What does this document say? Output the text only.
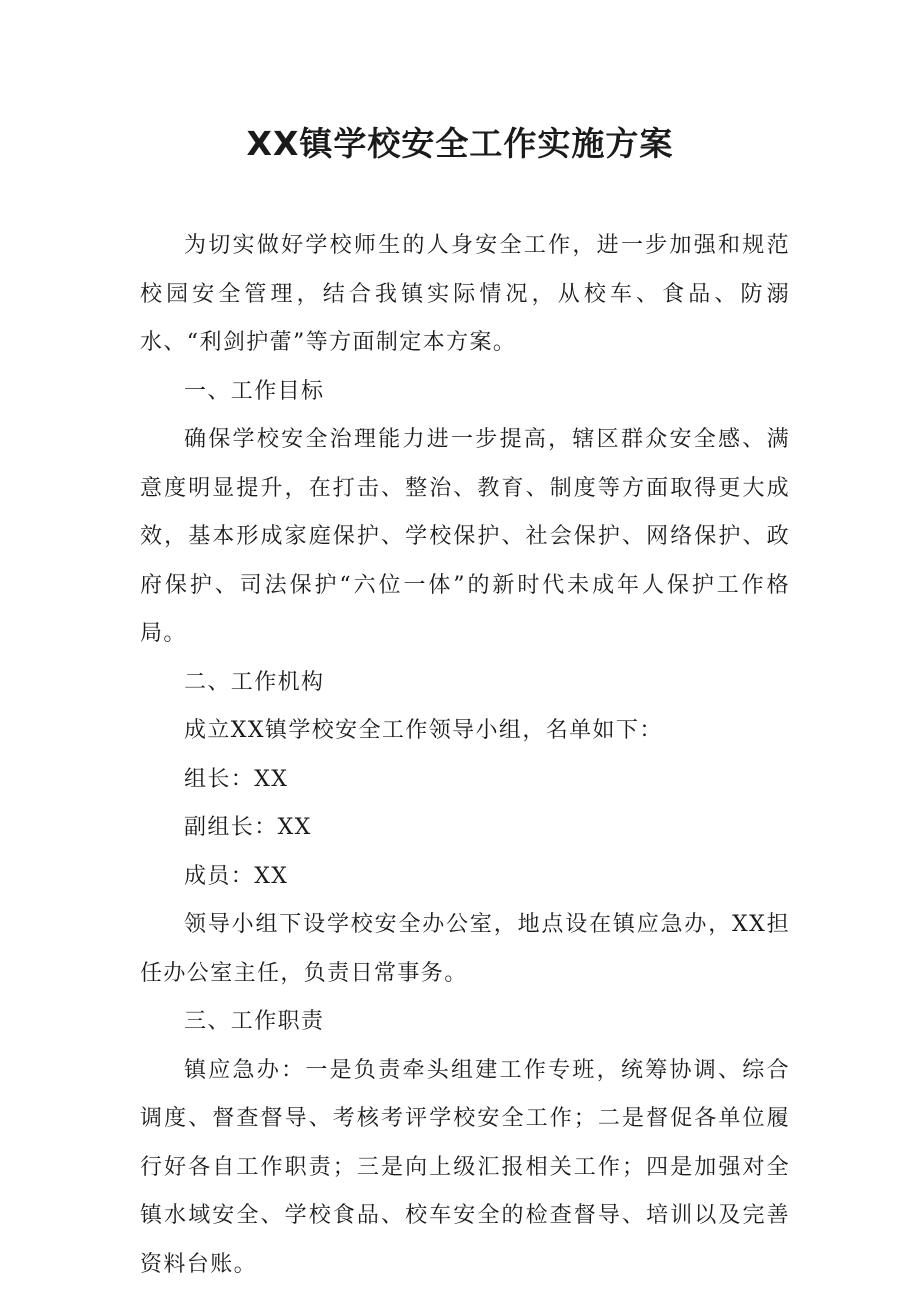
XX镇学校安全工作实施方案

为切实做好学校师生的人身安全工作，进一步加强和规范校园安全管理，结合我镇实际情况，从校车、食品、防溺水、“利剑护蕾”等方面制定本方案。

一、工作目标

确保学校安全治理能力进一步提高，辖区群众安全感、满意度明显提升，在打击、整治、教育、制度等方面取得更大成效，基本形成家庭保护、学校保护、社会保护、网络保护、政府保护、司法保护“六位一体”的新时代未成年人保护工作格局。

二、工作机构

成立XX镇学校安全工作领导小组，名单如下：

组长：XX

副组长：XX

成员：XX

领导小组下设学校安全办公室，地点设在镇应急办，XX担任办公室主任，负责日常事务。

三、工作职责

镇应急办：一是负责牵头组建工作专班，统筹协调、综合调度、督查督导、考核考评学校安全工作；二是督促各单位履行好各自工作职责；三是向上级汇报相关工作；四是加强对全镇水域安全、学校食品、校车安全的检查督导、培训以及完善资料台账。
